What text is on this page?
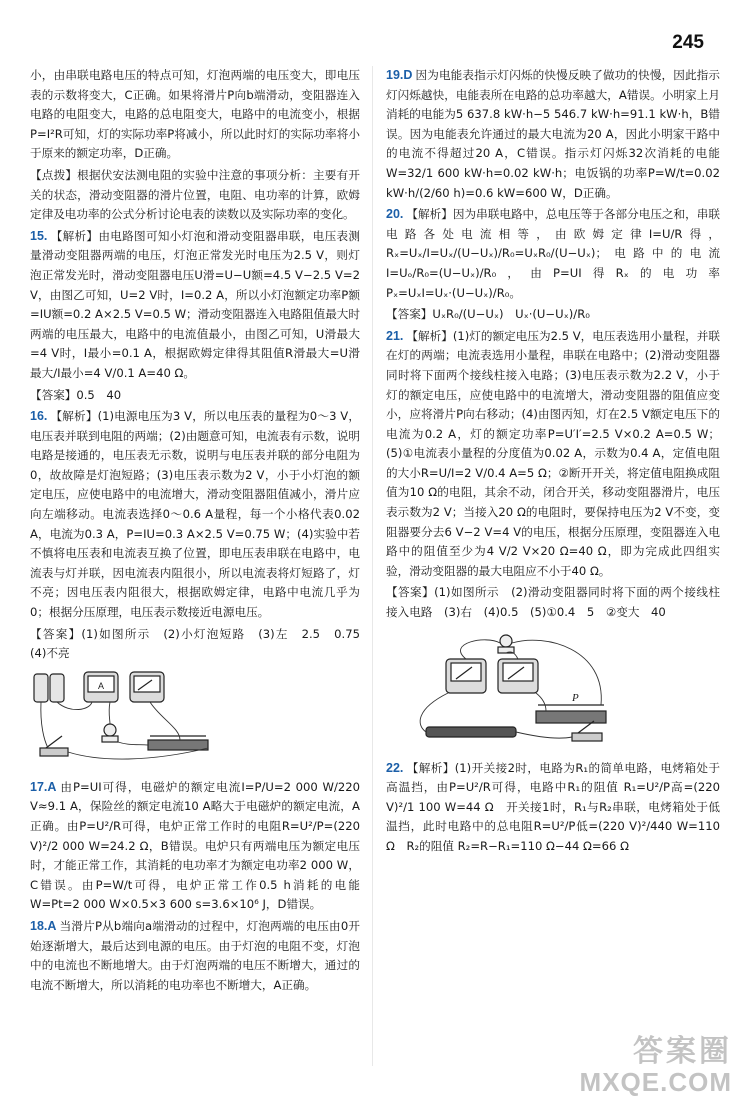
245

小，由串联电路电压的特点可知，灯泡两端的电压变大，即电压表的示数将变大，C正确。如果将滑片P向b端滑动，变阻器连入电路的电阻变大，电路的总电阻变大，电路中的电流变小，根据P=I²R可知，灯的实际功率P将减小，所以此时灯的实际功率将小于原来的额定功率，D正确。

【点拨】根据伏安法测电阻的实验中注意的事项分析：主要有开关的状态，滑动变阻器的滑片位置，电阻、电功率的计算，欧姆定律及电功率的公式分析讨论电表的读数以及实际功率的变化。

15. 【解析】由电路图可知小灯泡和滑动变阻器串联，电压表测量滑动变阻器两端的电压，灯泡正常发光时电压为2.5 V，则灯泡正常发光时，滑动变阻器电压U滑=U−U额=4.5 V−2.5 V=2 V，由图乙可知，U=2 V时，I=0.2 A，所以小灯泡额定功率P额=IU额=0.2 A×2.5 V=0.5 W；滑动变阻器连入电路阻值最大时两端的电压最大，电路中的电流值最小，由图乙可知，U滑最大=4 V时，I最小=0.1 A，根据欧姆定律得其阻值R滑最大=U滑最大/I最小=4 V/0.1 A=40 Ω。

【答案】0.5　40

16. 【解析】(1)电源电压为3 V，所以电压表的量程为0～3 V，电压表并联到电阻的两端；(2)由题意可知，电流表有示数，说明电路是接通的，电压表无示数，说明与电压表并联的部分电阻为0，故故障是灯泡短路；(3)电压表示数为2 V，小于小灯泡的额定电压，应使电路中的电流增大，滑动变阻器阻值减小，滑片应向左端移动。电流表选择0～0.6 A量程，每一个小格代表0.02 A，电流为0.3 A，P=IU=0.3 A×2.5 V=0.75 W；(4)实验中若不慎将电压表和电流表互换了位置，即电压表串联在电路中，电流表与灯并联，因电流表内阻很小，所以电流表将灯短路了，灯不亮；因电压表内阻很大，根据欧姆定律，电路中电流几乎为0；根据分压原理，电压表示数接近电源电压。

【答案】(1)如图所示　(2)小灯泡短路　(3)左　2.5　0.75　(4)不亮

A

17.A 由P=UI可得，电磁炉的额定电流I=P/U=2 000 W/220 V≈9.1 A，保险丝的额定电流10 A略大于电磁炉的额定电流，A正确。由P=U²/R可得，电炉正常工作时的电阻R=U²/P=(220 V)²/2 000 W=24.2 Ω，B错误。电炉只有两端电压为额定电压时，才能正常工作，其消耗的电功率才为额定电功率2 000 W，C错误。由P=W/t可得，电炉正常工作0.5 h消耗的电能W=Pt=2 000 W×0.5×3 600 s=3.6×10⁶ J，D错误。

18.A 当滑片P从b端向a端滑动的过程中，灯泡两端的电压由0开始逐渐增大，最后达到电源的电压。由于灯泡的电阻不变，灯泡中的电流也不断地增大。由于灯泡两端的电压不断增大，通过的电流不断增大，所以消耗的电功率也不断增大，A正确。

19.D 因为电能表指示灯闪烁的快慢反映了做功的快慢，因此指示灯闪烁越快，电能表所在电路的总功率越大，A错误。小明家上月消耗的电能为5 637.8 kW·h−5 546.7 kW·h=91.1 kW·h，B错误。因为电能表允许通过的最大电流为20 A，因此小明家干路中的电流不得超过20 A，C错误。指示灯闪烁32次消耗的电能W=32/1 600 kW·h=0.02 kW·h；电饭锅的功率P=W/t=0.02 kW·h/(2/60 h)=0.6 kW=600 W，D正确。

20. 【解析】因为串联电路中，总电压等于各部分电压之和，串联电路各处电流相等，由欧姆定律I=U/R得，Rₓ=Uₓ/I=Uₓ/(U−Uₓ)/R₀=UₓR₀/(U−Uₓ)；电路中的电流I=Uₒ/R₀=(U−Uₓ)/R₀，由P=UI得Rₓ的电功率Pₓ=UₓI=Uₓ·(U−Uₓ)/R₀。

【答案】UₓR₀/(U−Uₓ)　Uₓ·(U−Uₓ)/R₀

21. 【解析】(1)灯的额定电压为2.5 V，电压表选用小量程，并联在灯的两端；电流表选用小量程，串联在电路中；(2)滑动变阻器同时将下面两个接线柱接入电路；(3)电压表示数为2.2 V，小于灯的额定电压，应使电路中的电流增大，滑动变阻器的阻值应变小，应将滑片P向右移动；(4)由图丙知，灯在2.5 V额定电压下的电流为0.2 A，灯的额定功率P=U′I′=2.5 V×0.2 A=0.5 W；(5)①电流表小量程的分度值为0.02 A，示数为0.4 A，定值电阻的大小R=U/I=2 V/0.4 A=5 Ω；②断开开关，将定值电阻换成阻值为10 Ω的电阻，其余不动，闭合开关，移动变阻器滑片，电压表示数为2 V；当接入20 Ω的电阻时，要保持电压为2 V不变，变阻器要分去6 V−2 V=4 V的电压，根据分压原理，变阻器连入电路中的阻值至少为4 V/2 V×20 Ω=40 Ω，即为完成此四组实验，滑动变阻器的最大电阻应不小于40 Ω。

【答案】(1)如图所示　(2)滑动变阻器同时将下面的两个接线柱接入电路　(3)右　(4)0.5　(5)①0.4　5　②变大　40

P

22. 【解析】(1)开关接2时，电路为R₁的简单电路，电烤箱处于高温挡，由P=U²/R可得，电路中R₁的阻值 R₁=U²/P高=(220 V)²/1 100 W=44 Ω　开关接1时，R₁与R₂串联，电烤箱处于低温挡，此时电路中的总电阻R=U²/P低=(220 V)²/440 W=110 Ω　R₂的阻值 R₂=R−R₁=110 Ω−44 Ω=66 Ω

答案圈
MXQE.COM
